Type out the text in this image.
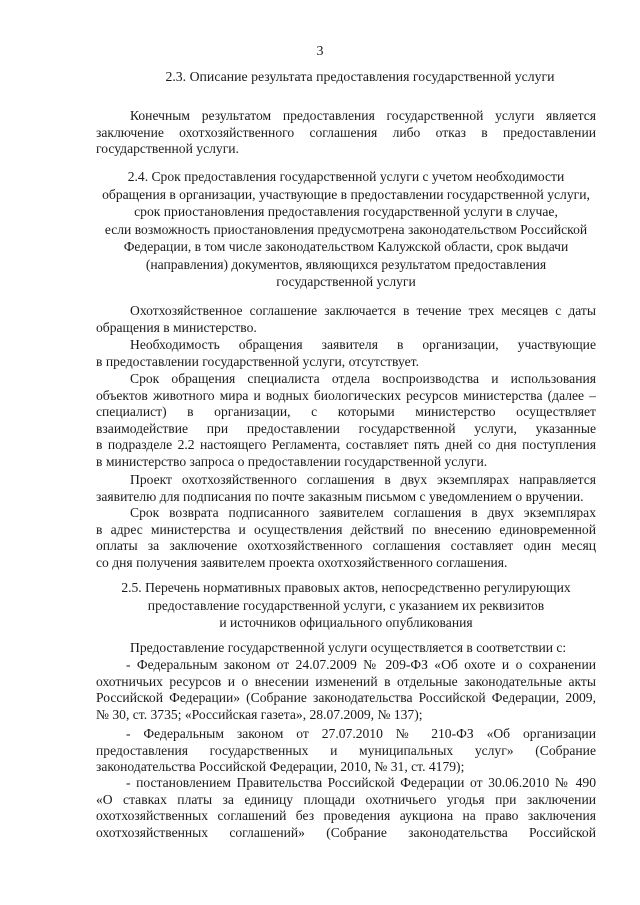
3
2.3. Описание результата предоставления государственной услуги
Конечным результатом предоставления государственной услуги является
заключение охотхозяйственного соглашения либо отказ в предоставлении
государственной услуги.
2.4. Срок предоставления государственной услуги с учетом необходимости
обращения в организации, участвующие в предоставлении государственной услуги,
срок приостановления предоставления государственной услуги в случае,
если возможность приостановления предусмотрена законодательством Российской
Федерации, в том числе законодательством Калужской области, срок выдачи
(направления) документов, являющихся результатом предоставления
государственной услуги
Охотхозяйственное соглашение заключается в течение трех месяцев с даты
обращения в министерство.
Необходимость обращения заявителя в организации, участвующие
в предоставлении государственной услуги, отсутствует.
Срок обращения специалиста отдела воспроизводства и использования
объектов животного мира и водных биологических ресурсов министерства (далее –
специалист) в организации, с которыми министерство осуществляет
взаимодействие при предоставлении государственной услуги, указанные
в подразделе 2.2 настоящего Регламента, составляет пять дней со дня поступления
в министерство запроса о предоставлении государственной услуги.
Проект охотхозяйственного соглашения в двух экземплярах направляется
заявителю для подписания по почте заказным письмом с уведомлением о вручении.
Срок возврата подписанного заявителем соглашения в двух экземплярах
в адрес министерства и осуществления действий по внесению единовременной
оплаты за заключение охотхозяйственного соглашения составляет один месяц
со дня получения заявителем проекта охотхозяйственного соглашения.
2.5. Перечень нормативных правовых актов, непосредственно регулирующих
предоставление государственной услуги, с указанием их реквизитов
и источников официального опубликования
Предоставление государственной услуги осуществляется в соответствии с:
- Федеральным законом от 24.07.2009 № 209-ФЗ «Об охоте и о сохранении
охотничьих ресурсов и о внесении изменений в отдельные законодательные акты
Российской Федерации» (Собрание законодательства Российской Федерации, 2009,
№ 30, ст. 3735; «Российская газета», 28.07.2009, № 137);
- Федеральным законом от 27.07.2010 № 210-ФЗ «Об организации
предоставления государственных и муниципальных услуг» (Собрание
законодательства Российской Федерации, 2010, № 31, ст. 4179);
- постановлением Правительства Российской Федерации от 30.06.2010 № 490
«О ставках платы за единицу площади охотничьего угодья при заключении
охотхозяйственных соглашений без проведения аукциона на право заключения
охотхозяйственных соглашений» (Собрание законодательства Российской
